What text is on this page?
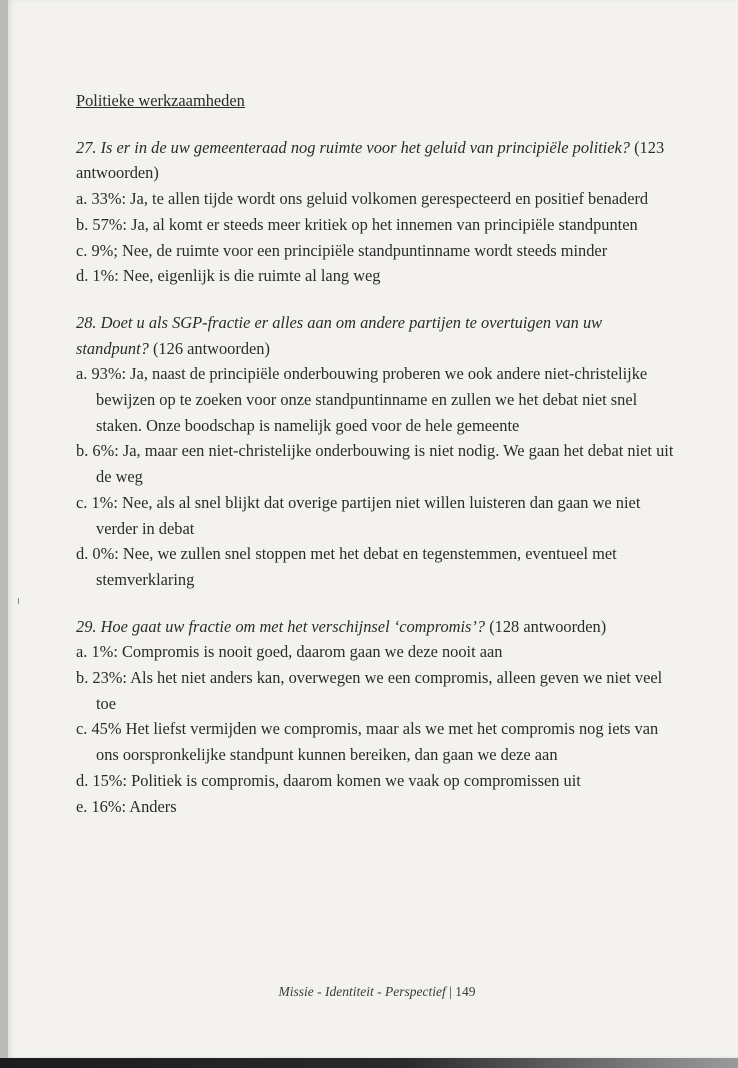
Politieke werkzaamheden

27. Is er in de uw gemeenteraad nog ruimte voor het geluid van principiële politiek? (123 antwoorden)

a. 33%: Ja, te allen tijde wordt ons geluid volkomen gerespecteerd en positief benaderd

b. 57%: Ja, al komt er steeds meer kritiek op het innemen van principiële standpunten

c. 9%; Nee, de ruimte voor een principiële standpuntinname wordt steeds minder

d. 1%: Nee, eigenlijk is die ruimte al lang weg

28. Doet u als SGP-fractie er alles aan om andere partijen te overtuigen van uw standpunt? (126 antwoorden)

a. 93%: Ja, naast de principiële onderbouwing proberen we ook andere niet-christelijke bewijzen op te zoeken voor onze standpuntinname en zullen we het debat niet snel staken. Onze boodschap is namelijk goed voor de hele gemeente

b. 6%: Ja, maar een niet-christelijke onderbouwing is niet nodig. We gaan het debat niet uit de weg

c. 1%: Nee, als al snel blijkt dat overige partijen niet willen luisteren dan gaan we niet verder in debat

d. 0%: Nee, we zullen snel stoppen met het debat en tegenstemmen, eventueel met stemverklaring

29. Hoe gaat uw fractie om met het verschijnsel ‘compromis’? (128 antwoorden)

a. 1%: Compromis is nooit goed, daarom gaan we deze nooit aan

b. 23%: Als het niet anders kan, overwegen we een compromis, alleen geven we niet veel toe

c. 45% Het liefst vermijden we compromis, maar als we met het compromis nog iets van ons oorspronkelijke standpunt kunnen bereiken, dan gaan we deze aan

d. 15%: Politiek is compromis, daarom komen we vaak op compromissen uit

e. 16%: Anders

Missie - Identiteit - Perspectief | 149
